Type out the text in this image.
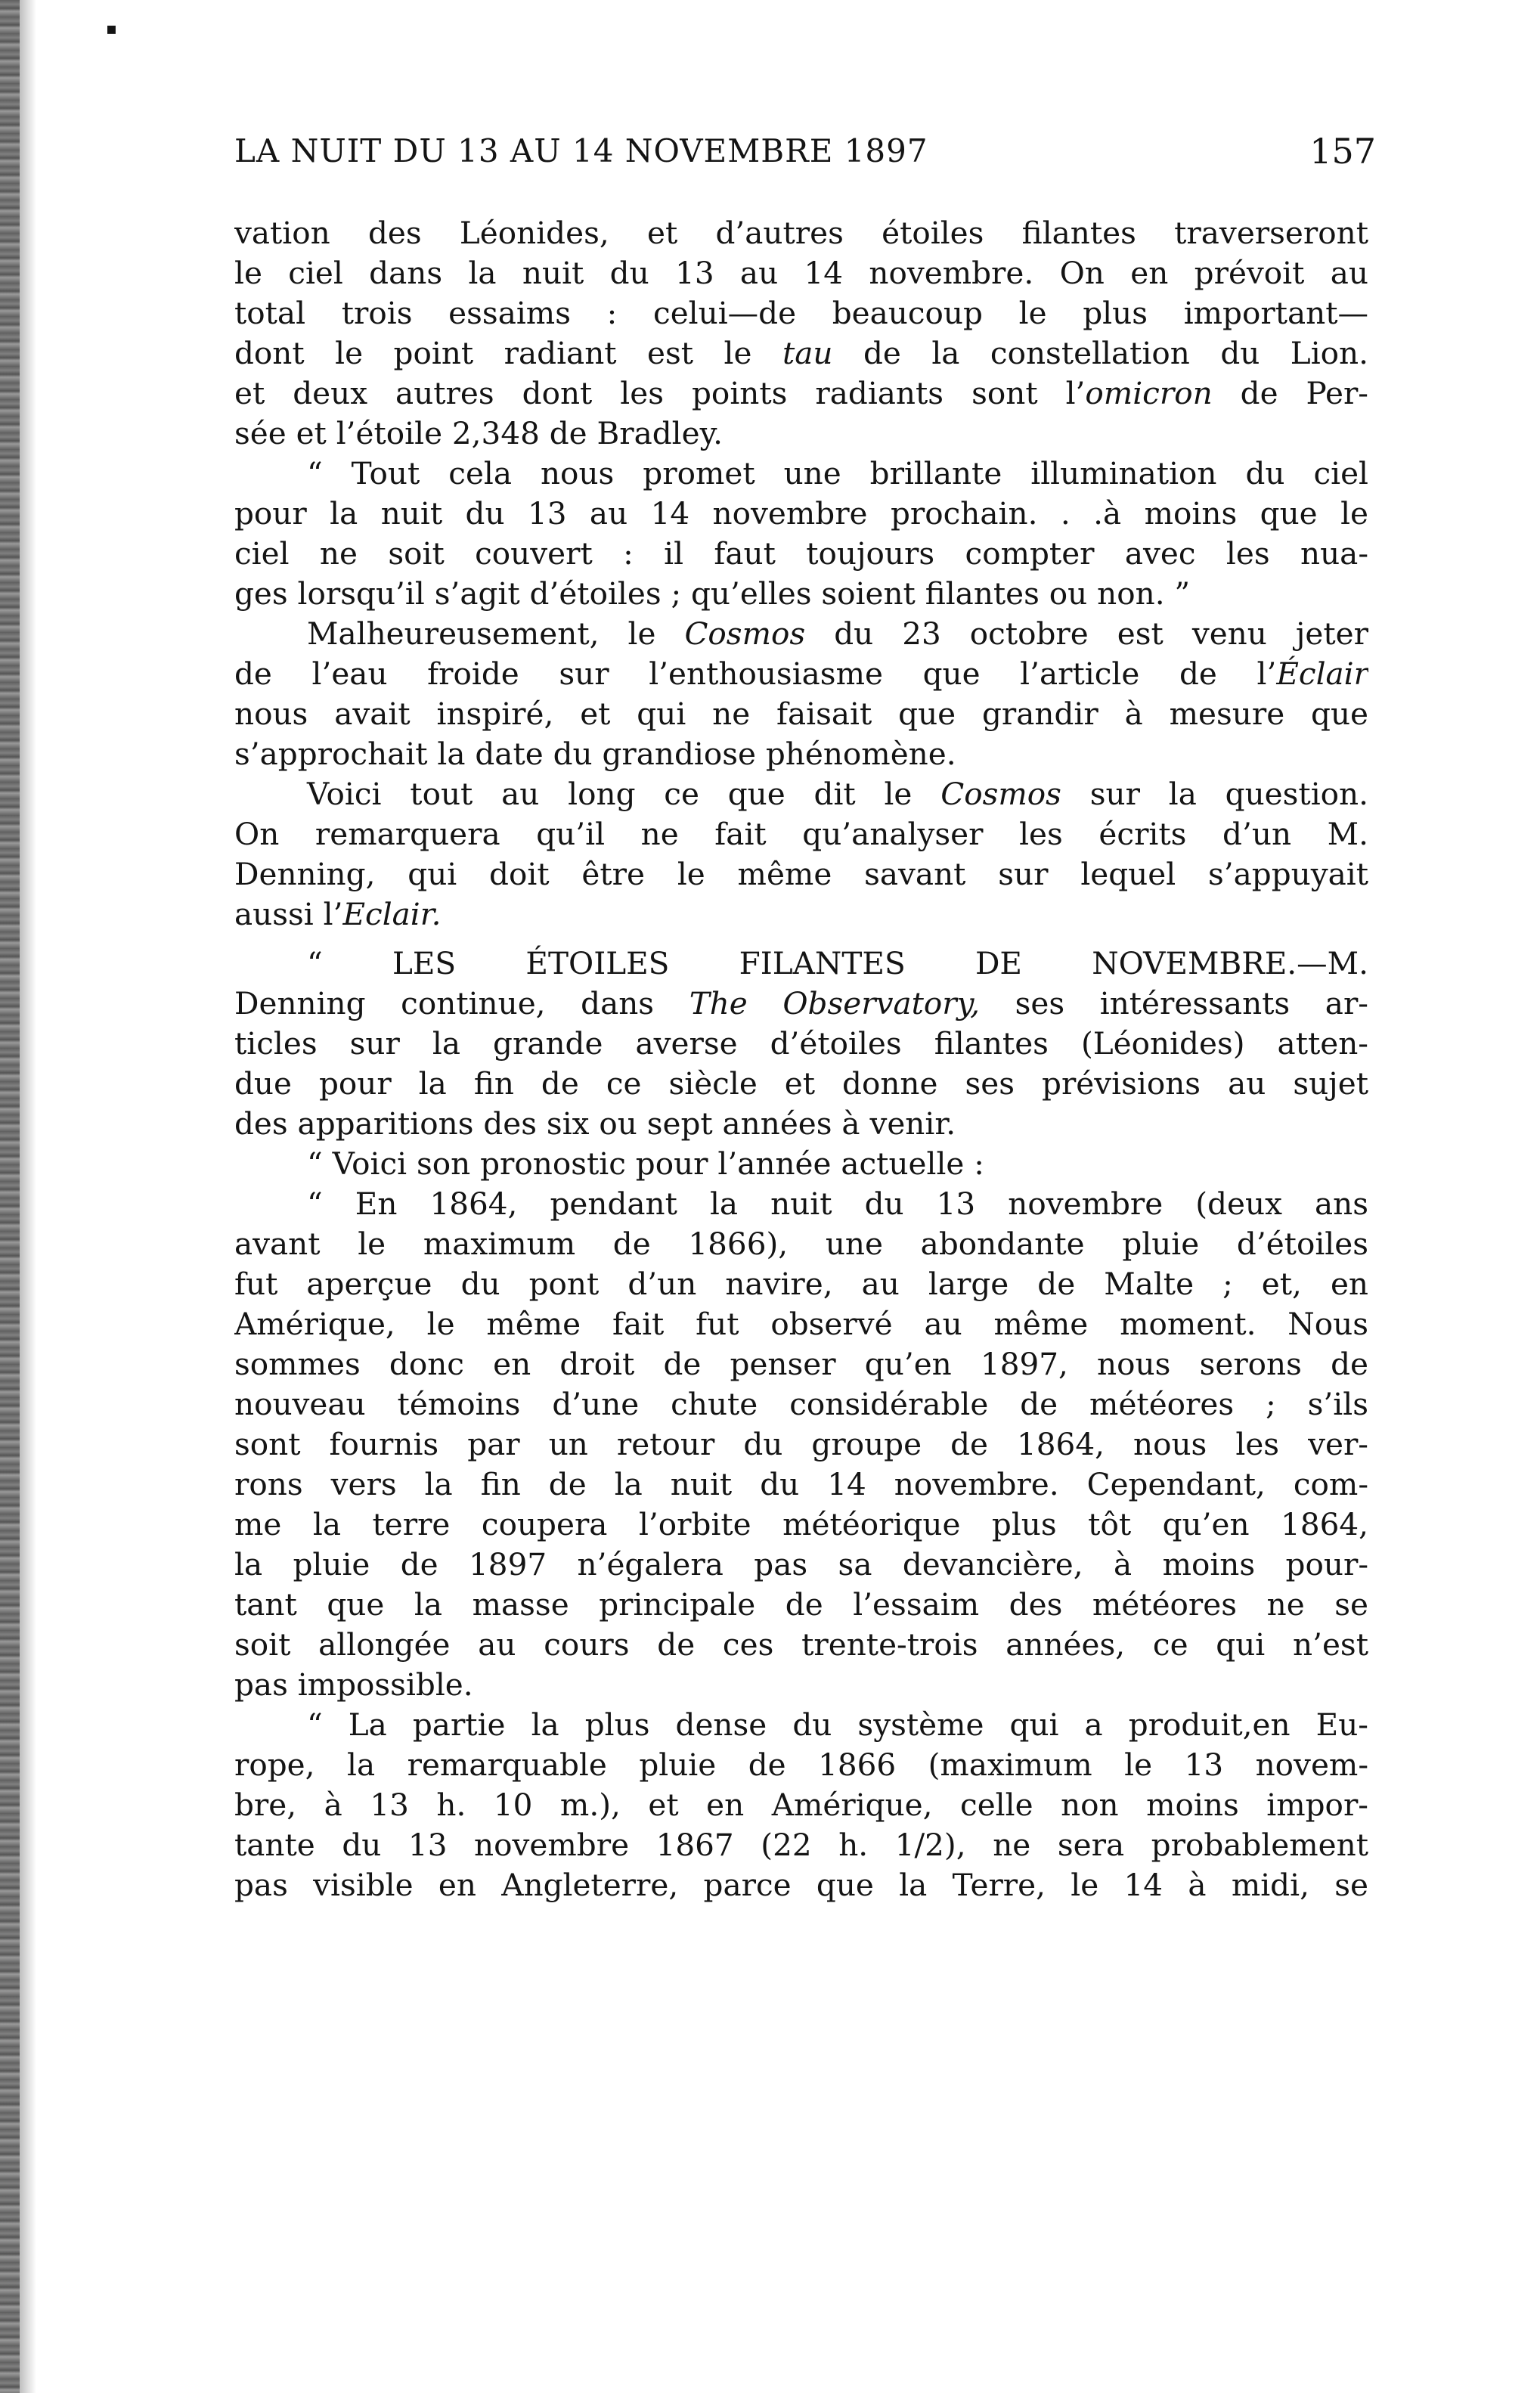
▪
LA NUIT DU 13 AU 14 NOVEMBRE 1897	157
vation des Léonides, et d’autres étoiles filantes traverseront
le ciel dans la nuit du 13 au 14 novembre. On en prévoit au
total trois essaims : celui—de beaucoup le plus important—
dont le point radiant est le tau de la constellation du Lion.
et deux autres dont les points radiants sont l’omicron de Per-
sée et l’étoile 2,348 de Bradley.
“ Tout cela nous promet une brillante illumination du ciel
pour la nuit du 13 au 14 novembre prochain. . .à moins que le
ciel ne soit couvert : il faut toujours compter avec les nua-
ges lorsqu’il s’agit d’étoiles ; qu’elles soient filantes ou non. ”
Malheureusement, le Cosmos du 23 octobre est venu jeter
de l’eau froide sur l’enthousiasme que l’article de l’Éclair
nous avait inspiré, et qui ne faisait que grandir à mesure que
s’approchait la date du grandiose phénomène.
Voici tout au long ce que dit le Cosmos sur la question.
On remarquera qu’il ne fait qu’analyser les écrits d’un M.
Denning, qui doit être le même savant sur lequel s’appuyait
aussi l’Eclair.
“ LES ÉTOILES FILANTES DE NOVEMBRE.—M.
Denning continue, dans The Observatory, ses intéressants ar-
ticles sur la grande averse d’étoiles filantes (Léonides) atten-
due pour la fin de ce siècle et donne ses prévisions au sujet
des apparitions des six ou sept années à venir.
“ Voici son pronostic pour l’année actuelle :
“ En 1864, pendant la nuit du 13 novembre (deux ans
avant le maximum de 1866), une abondante pluie d’étoiles
fut aperçue du pont d’un navire, au large de Malte ; et, en
Amérique, le même fait fut observé au même moment. Nous
sommes donc en droit de penser qu’en 1897, nous serons de
nouveau témoins d’une chute considérable de météores ; s’ils
sont fournis par un retour du groupe de 1864, nous les ver-
rons vers la fin de la nuit du 14 novembre. Cependant, com-
me la terre coupera l’orbite météorique plus tôt qu’en 1864,
la pluie de 1897 n’égalera pas sa devancière, à moins pour-
tant que la masse principale de l’essaim des météores ne se
soit allongée au cours de ces trente-trois années, ce qui n’est
pas impossible.
“ La partie la plus dense du système qui a produit,en Eu-
rope, la remarquable pluie de 1866 (maximum le 13 novem-
bre, à 13 h. 10 m.), et en Amérique, celle non moins impor-
tante du 13 novembre 1867 (22 h. 1/2), ne sera probablement
pas visible en Angleterre, parce que la Terre, le 14 à midi, se
